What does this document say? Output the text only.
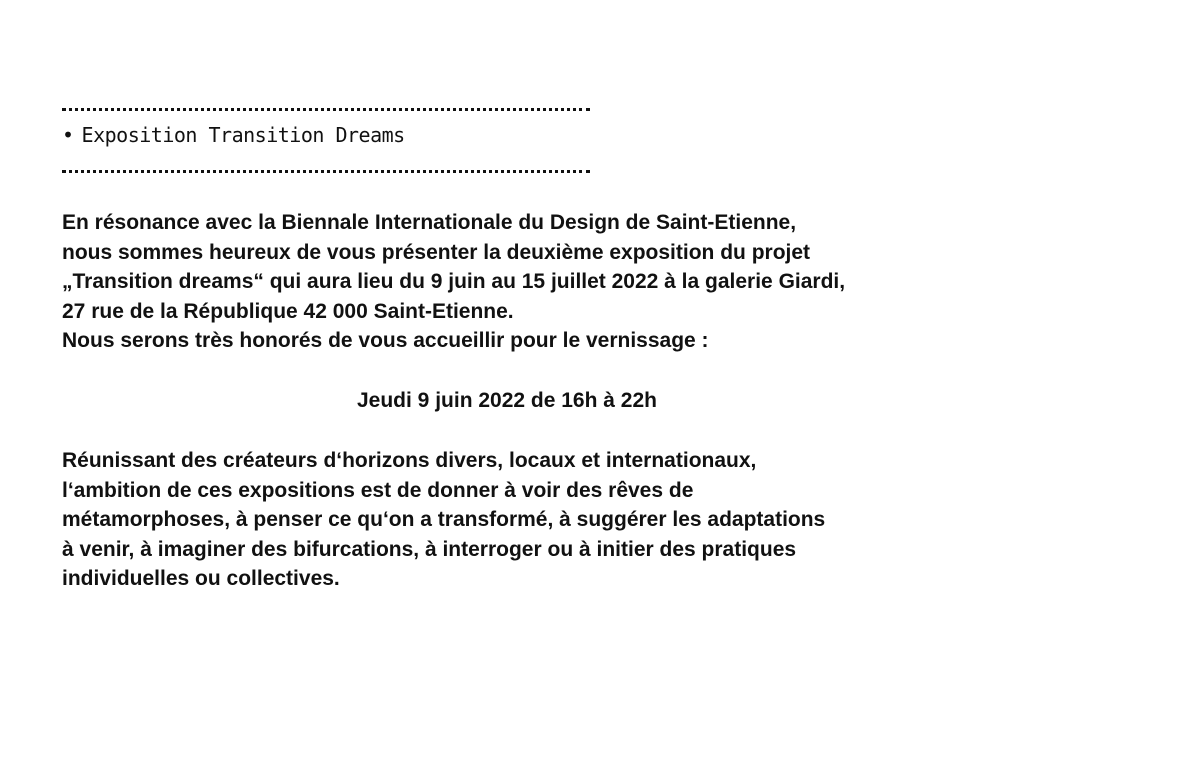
• Exposition Transition Dreams
En résonance avec la Biennale Internationale du Design de Saint-Etienne,
nous sommes heureux de vous présenter la deuxième exposition du projet
„Transition dreams“ qui aura lieu du 9 juin au 15 juillet 2022 à la galerie Giardi,
27 rue de la République 42 000 Saint-Etienne.
Nous serons très honorés de vous accueillir pour le vernissage :
Jeudi 9 juin 2022 de 16h à 22h
Réunissant des créateurs d‘horizons divers, locaux et internationaux,
l‘ambition de ces expositions est de donner à voir des rêves de
métamorphoses, à penser ce qu‘on a transformé, à suggérer les adaptations
à venir, à imaginer des bifurcations, à interroger ou à initier des pratiques
individuelles ou collectives.
